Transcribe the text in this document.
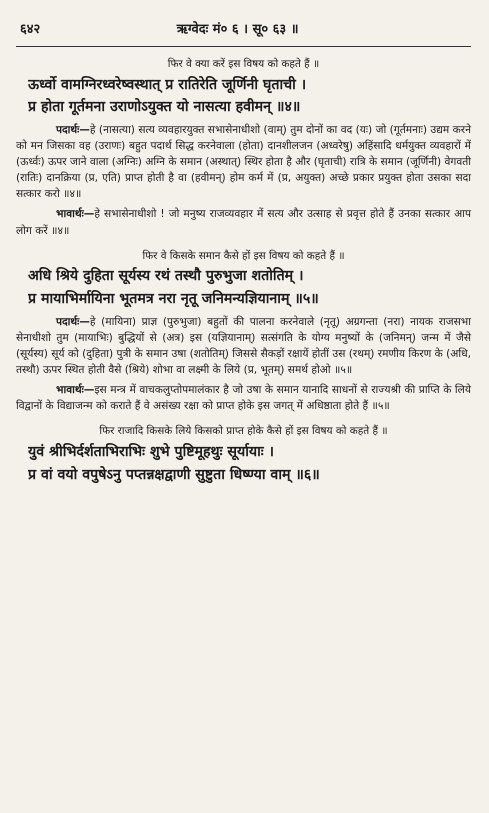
६४२	ऋग्वेदः मं० ६ । सू० ६३ ॥
फिर वे क्या करें इस विषय को कहते हैं ॥
ऊर्ध्वो वामग्निरध्वरेष्वस्थात् प्र रातिरेति जूर्णिनी घृताची ।
प्र होता गूर्तमना उराणोऽयुक्त यो नासत्या हवीमन् ॥४॥
पदार्थः—हे (नासत्या) सत्य व्यवहारयुक्त सभासेनाधीशो (वाम्) तुम दोनों का वद (यः) जो (गूर्तमनाः) उद्यम करने को मन जिसका वह (उराणः) बहुत पदार्थ सिद्ध करनेवाला (होता) दानशीलजन (अध्वरेषु) अहिंसादि धर्मयुक्त व्यवहारों में (ऊर्ध्वः) ऊपर जाने वाला (अग्निः) अग्नि के समान (अस्थात्) स्थिर होता है और (घृताची) रात्रि के समान (जूर्णिनी) वेगवती (रातिः) दानक्रिया (प्र, एति) प्राप्त होती है वा (हवीमन्) होम कर्म में (प्र, अयुक्त) अच्छे प्रकार प्रयुक्त होता उसका सदा सत्कार करो ॥४॥
भावार्थः—हे सभासेनाधीशो ! जो मनुष्य राजव्यवहार में सत्य और उत्साह से प्रवृत्त होते हैं उनका सत्कार आप लोग करें ॥४॥
फिर वे किसके समान कैसे हों इस विषय को कहते हैं ॥
अधि श्रिये दुहिता सूर्यस्य रथं तस्थौ पुरुभुजा शतोतिम् ।
प्र मायाभिर्मायिना भूतमत्र नरा नृतू जनिमन्यज्ञियानाम् ॥५॥
पदार्थः—हे (मायिना) प्राज्ञ (पुरुभुजा) बहुतों की पालना करनेवाले (नृतू) अग्रगन्ता (नरा) नायक राजसभा सेनाधीशो तुम (मायाभिः) बुद्धियों से (अत्र) इस (यज्ञियानाम्) सत्संगति के योग्य मनुष्यों के (जनिमन्) जन्म में जैसे (सूर्यस्य) सूर्य को (दुहिता) पुत्री के समान उषा (शतोतिम्) जिससे सैकड़ों रक्षायें होतीं उस (रथम्) रमणीय किरण के (अधि, तस्थौ) ऊपर स्थित होती वैसे (श्रिये) शोभा वा लक्ष्मी के लिये (प्र, भूतम्) समर्थ होओ ॥५॥
भावार्थः—इस मन्त्र में वाचकलुप्तोपमालंकार है जो उषा के समान यानादि साधनों से राज्यश्री की प्राप्ति के लिये विद्वानों के विद्याजन्म को कराते हैं वे असंख्य रक्षा को प्राप्त होके इस जगत् में अधिष्ठाता होते हैं ॥५॥
फिर राजादि किसके लिये किसको प्राप्त होके कैसे हों इस विषय को कहते हैं ॥
युवं श्रीभिर्दर्शताभिराभिः शुभे पुष्टिमूहथुः सूर्यायाः ।
प्र वां वयो वपुषेऽनु पप्तन्नक्षद्वाणी सुष्टुता धिष्ण्या वाम् ॥६॥
